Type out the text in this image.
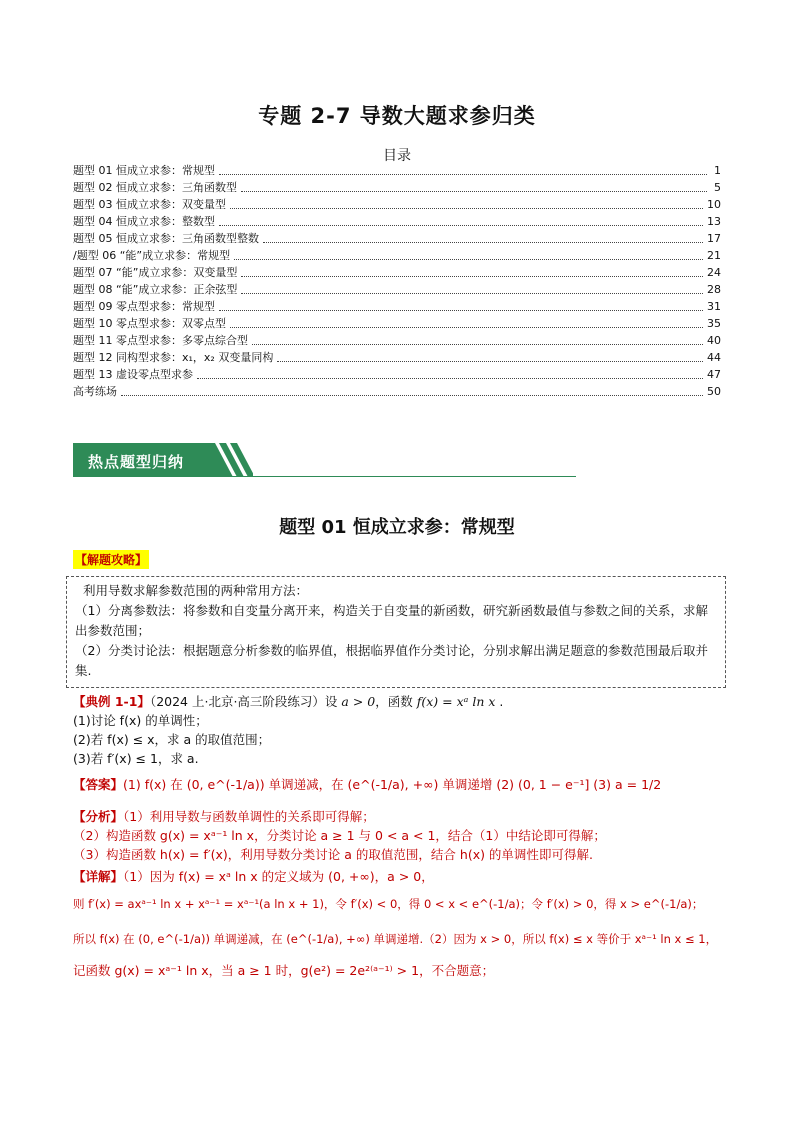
专题 2-7 导数大题求参归类
目录
题型 01 恒成立求参：常规型	1
题型 02 恒成立求参：三角函数型	5
题型 03 恒成立求参：双变量型	10
题型 04 恒成立求参：整数型	13
题型 05 恒成立求参：三角函数型整数	17
/题型 06 “能”成立求参：常规型	21
题型 07 “能”成立求参：双变量型	24
题型 08 “能”成立求参：正余弦型	28
题型 09 零点型求参：常规型	31
题型 10 零点型求参：双零点型	35
题型 11 零点型求参：多零点综合型	40
题型 12 同构型求参：x₁，x₂ 双变量同构	44
题型 13 虚设零点型求参	47
高考练场	50
热点题型归纳
题型 01 恒成立求参：常规型
【解题攻略】
利用导数求解参数范围的两种常用方法：
（1）分离参数法：将参数和自变量分离开来，构造关于自变量的新函数，研究新函数最值与参数之间的关系，求解出参数范围；
（2）分类讨论法：根据题意分析参数的临界值，根据临界值作分类讨论，分别求解出满足题意的参数范围最后取并集.
【典例 1-1】（2024 上·北京·高三阶段练习）设 a > 0，函数 f(x) = xᵃ ln x .
(1)讨论 f(x) 的单调性；
(2)若 f(x) ≤ x，求 a 的取值范围；
(3)若 f′(x) ≤ 1，求 a.
【答案】(1) f(x) 在 (0, e^(-1/a)) 单调递减，在 (e^(-1/a), +∞) 单调递增 (2) (0, 1 − e⁻¹] (3) a = 1/2
【分析】（1）利用导数与函数单调性的关系即可得解；
（2）构造函数 g(x) = xᵃ⁻¹ ln x，分类讨论 a ≥ 1 与 0 < a < 1，结合（1）中结论即可得解；
（3）构造函数 h(x) = f′(x)，利用导数分类讨论 a 的取值范围，结合 h(x) 的单调性即可得解.
【详解】（1）因为 f(x) = xᵃ ln x 的定义域为 (0, +∞)，a > 0，
则 f′(x) = axᵃ⁻¹ ln x + xᵃ⁻¹ = xᵃ⁻¹(a ln x + 1)，令 f′(x) < 0，得 0 < x < e^(-1/a)；令 f′(x) > 0，得 x > e^(-1/a)；
所以 f(x) 在 (0, e^(-1/a)) 单调递减，在 (e^(-1/a), +∞) 单调递增.（2）因为 x > 0，所以 f(x) ≤ x 等价于 xᵃ⁻¹ ln x ≤ 1，
记函数 g(x) = xᵃ⁻¹ ln x，当 a ≥ 1 时，g(e²) = 2e²⁽ᵃ⁻¹⁾ > 1，不合题意；
